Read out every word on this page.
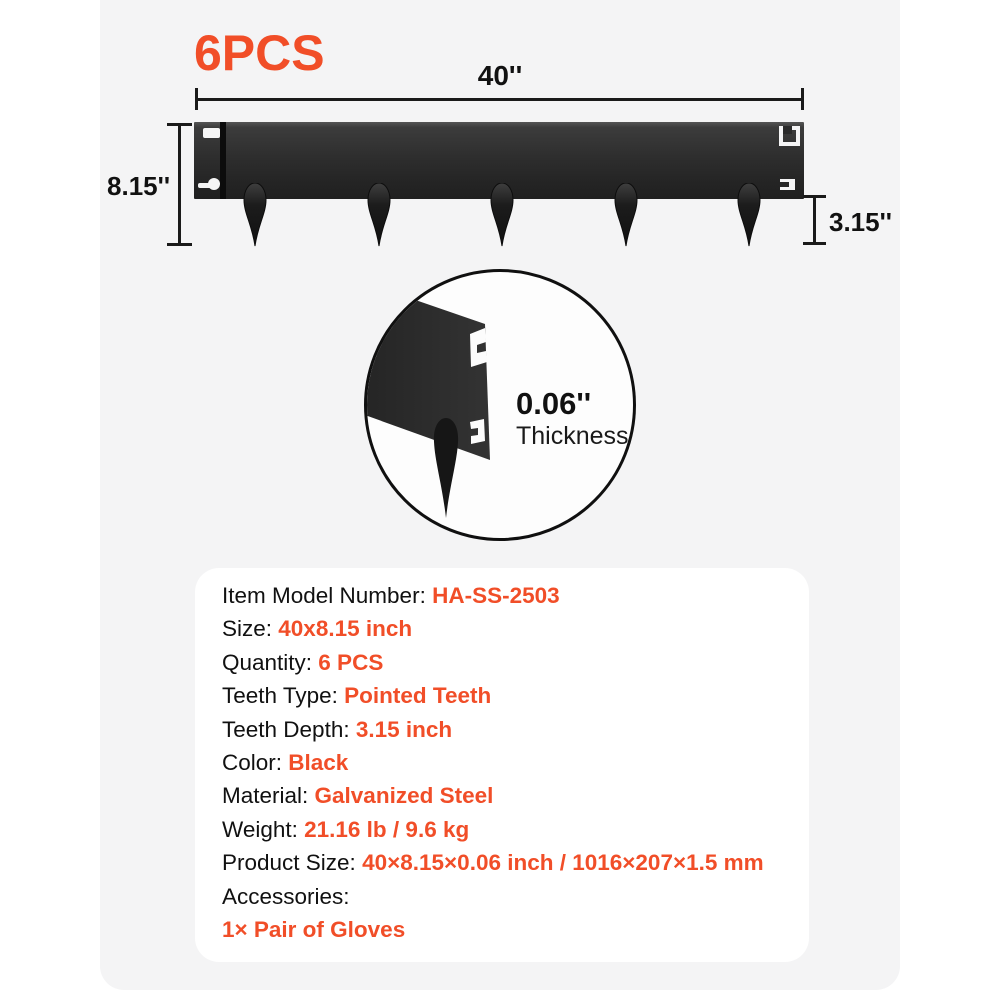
6PCS	40''
8.15''
3.15''
0.06''
Thickness
Item Model Number: HA-SS-2503
Size: 40x8.15 inch
Quantity: 6 PCS
Teeth Type: Pointed Teeth
Teeth Depth: 3.15 inch
Color: Black
Material: Galvanized Steel
Weight: 21.16 lb / 9.6 kg
Product Size: 40×8.15×0.06 inch / 1016×207×1.5 mm
Accessories:
1× Pair of Gloves
